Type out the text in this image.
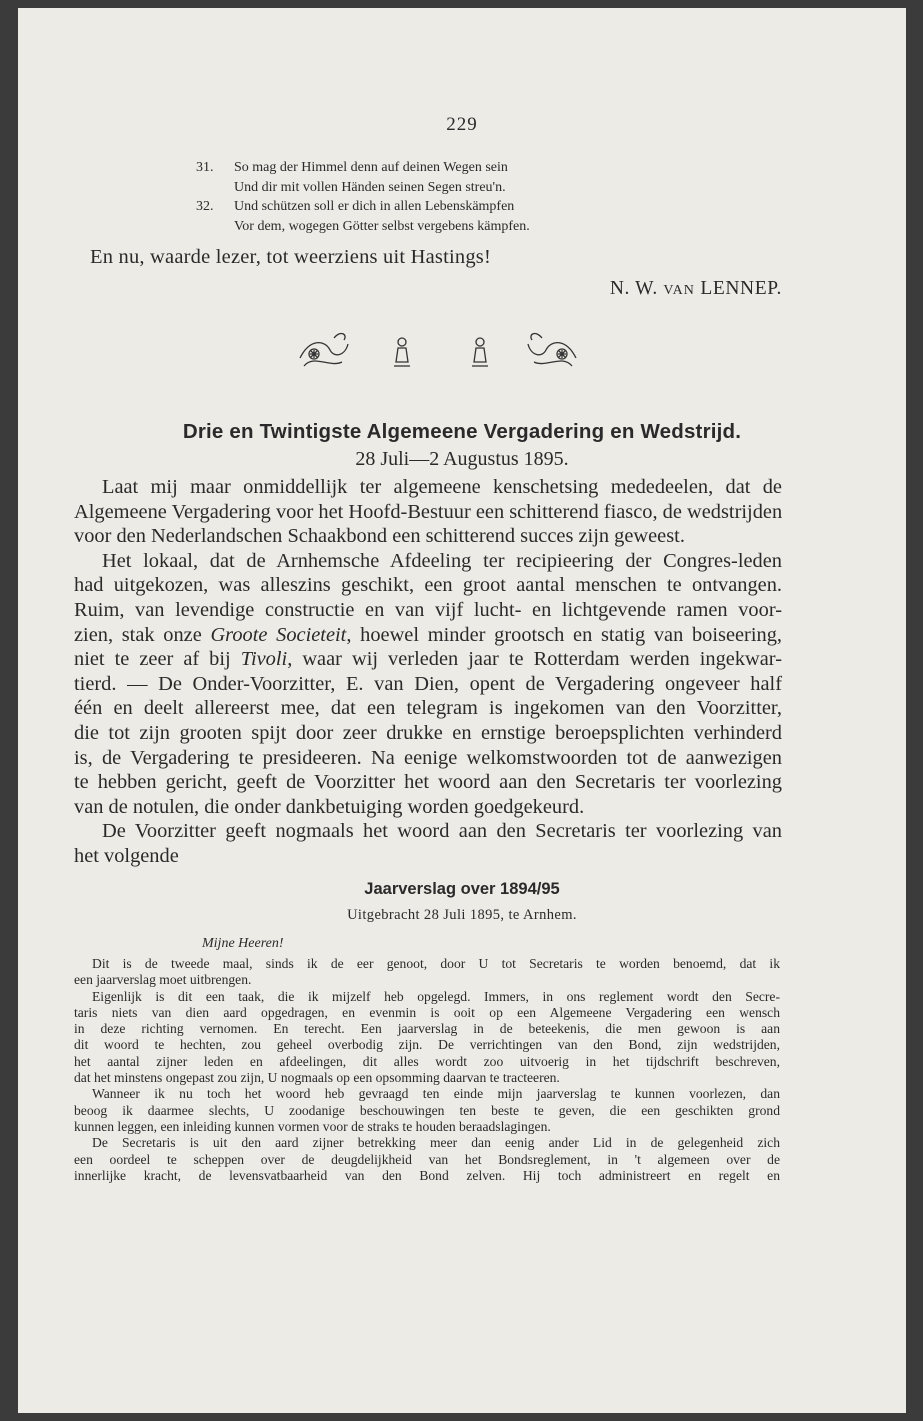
229
31. So mag der Himmel denn auf deinen Wegen sein
Und dir mit vollen Händen seinen Segen streu'n.
32. Und schützen soll er dich in allen Lebenskämpfen
Vor dem, wogegen Götter selbst vergebens kämpfen.
En nu, waarde lezer, tot weerziens uit Hastings!
N. W. VAN LENNEP.
Drie en Twintigste Algemeene Vergadering en Wedstrijd.
28 Juli—2 Augustus 1895.
Laat mij maar onmiddellijk ter algemeene kenschetsing mededeelen, dat de
Algemeene Vergadering voor het Hoofd-Bestuur een schitterend fiasco, de wedstrijden
voor den Nederlandschen Schaakbond een schitterend succes zijn geweest.
Het lokaal, dat de Arnhemsche Afdeeling ter recipieering der Congres-leden
had uitgekozen, was alleszins geschikt, een groot aantal menschen te ontvangen.
Ruim, van levendige constructie en van vijf lucht- en lichtgevende ramen voor-
zien, stak onze Groote Societeit, hoewel minder grootsch en statig van boiseering,
niet te zeer af bij Tivoli, waar wij verleden jaar te Rotterdam werden ingekwar-
tierd. — De Onder-Voorzitter, E. van Dien, opent de Vergadering ongeveer half
één en deelt allereerst mee, dat een telegram is ingekomen van den Voorzitter,
die tot zijn grooten spijt door zeer drukke en ernstige beroepsplichten verhinderd
is, de Vergadering te presideeren. Na eenige welkomstwoorden tot de aanwezigen
te hebben gericht, geeft de Voorzitter het woord aan den Secretaris ter voorlezing
van de notulen, die onder dankbetuiging worden goedgekeurd.
De Voorzitter geeft nogmaals het woord aan den Secretaris ter voorlezing van
het volgende
Jaarverslag over 1894/95
Uitgebracht 28 Juli 1895, te Arnhem.
Mijne Heeren!
Dit is de tweede maal, sinds ik de eer genoot, door U tot Secretaris te worden benoemd, dat ik
een jaarverslag moet uitbrengen.
Eigenlijk is dit een taak, die ik mijzelf heb opgelegd. Immers, in ons reglement wordt den Secre-
taris niets van dien aard opgedragen, en evenmin is ooit op een Algemeene Vergadering een wensch
in deze richting vernomen. En terecht. Een jaarverslag in de beteekenis, die men gewoon is aan
dit woord te hechten, zou geheel overbodig zijn. De verrichtingen van den Bond, zijn wedstrijden,
het aantal zijner leden en afdeelingen, dit alles wordt zoo uitvoerig in het tijdschrift beschreven,
dat het minstens ongepast zou zijn, U nogmaals op een opsomming daarvan te tracteeren.
Wanneer ik nu toch het woord heb gevraagd ten einde mijn jaarverslag te kunnen voorlezen, dan
beoog ik daarmee slechts, U zoodanige beschouwingen ten beste te geven, die een geschikten grond
kunnen leggen, een inleiding kunnen vormen voor de straks te houden beraadslagingen.
De Secretaris is uit den aard zijner betrekking meer dan eenig ander Lid in de gelegenheid zich
een oordeel te scheppen over de deugdelijkheid van het Bondsreglement, in 't algemeen over de
innerlijke kracht, de levensvatbaarheid van den Bond zelven. Hij toch administreert en regelt en
